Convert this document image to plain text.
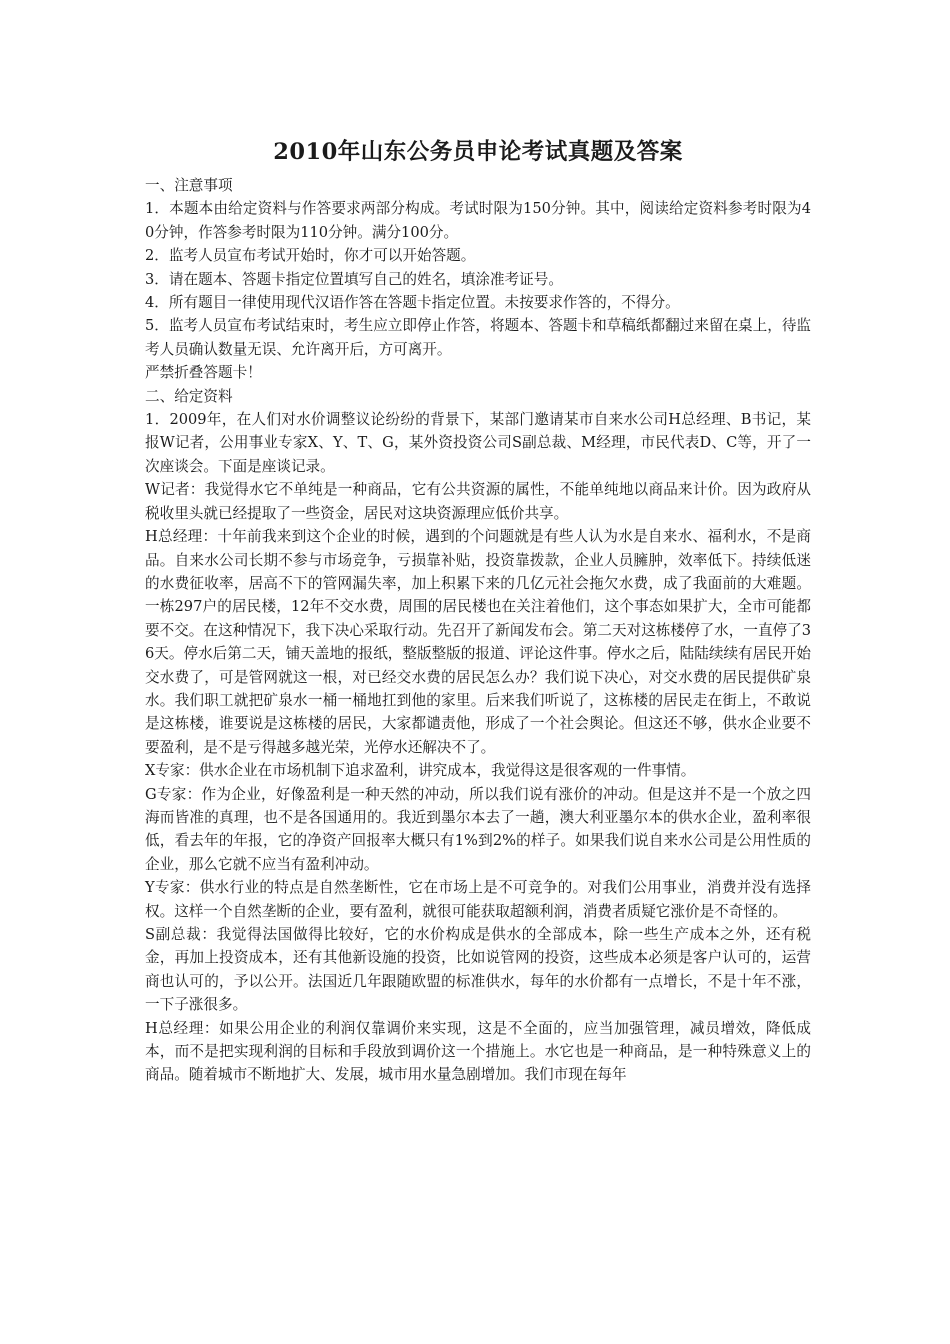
2010年山东公务员申论考试真题及答案

一、注意事项

1．本题本由给定资料与作答要求两部分构成。考试时限为150分钟。其中，阅读给定资料参考时限为40分钟，作答参考时限为110分钟。满分100分。

2．监考人员宣布考试开始时，你才可以开始答题。

3．请在题本、答题卡指定位置填写自己的姓名，填涂准考证号。

4．所有题目一律使用现代汉语作答在答题卡指定位置。未按要求作答的，不得分。

5．监考人员宣布考试结束时，考生应立即停止作答，将题本、答题卡和草稿纸都翻过来留在桌上，待监考人员确认数量无误、允许离开后，方可离开。

严禁折叠答题卡！

二、给定资料

1．2009年，在人们对水价调整议论纷纷的背景下，某部门邀请某市自来水公司H总经理、B书记，某报W记者，公用事业专家X、Y、T、G，某外资投资公司S副总裁、M经理，市民代表D、C等，开了一次座谈会。下面是座谈记录。

W记者：我觉得水它不单纯是一种商品，它有公共资源的属性，不能单纯地以商品来计价。因为政府从税收里头就已经提取了一些资金，居民对这块资源理应低价共享。

H总经理：十年前我来到这个企业的时候，遇到的个问题就是有些人认为水是自来水、福利水，不是商品。自来水公司长期不参与市场竞争，亏损靠补贴，投资靠拨款，企业人员臃肿，效率低下。持续低迷的水费征收率，居高不下的管网漏失率，加上积累下来的几亿元社会拖欠水费，成了我面前的大难题。一栋297户的居民楼，12年不交水费，周围的居民楼也在关注着他们，这个事态如果扩大，全市可能都要不交。在这种情况下，我下决心采取行动。先召开了新闻发布会。第二天对这栋楼停了水，一直停了36天。停水后第二天，铺天盖地的报纸，整版整版的报道、评论这件事。停水之后，陆陆续续有居民开始交水费了，可是管网就这一根，对已经交水费的居民怎么办？我们说下决心，对交水费的居民提供矿泉水。我们职工就把矿泉水一桶一桶地扛到他的家里。后来我们听说了，这栋楼的居民走在街上，不敢说是这栋楼，谁要说是这栋楼的居民，大家都谴责他，形成了一个社会舆论。但这还不够，供水企业要不要盈利，是不是亏得越多越光荣，光停水还解决不了。

X专家：供水企业在市场机制下追求盈利，讲究成本，我觉得这是很客观的一件事情。

G专家：作为企业，好像盈利是一种天然的冲动，所以我们说有涨价的冲动。但是这并不是一个放之四海而皆准的真理，也不是各国通用的。我近到墨尔本去了一趟，澳大利亚墨尔本的供水企业，盈利率很低，看去年的年报，它的净资产回报率大概只有1%到2%的样子。如果我们说自来水公司是公用性质的企业，那么它就不应当有盈利冲动。

Y专家：供水行业的特点是自然垄断性，它在市场上是不可竞争的。对我们公用事业，消费并没有选择权。这样一个自然垄断的企业，要有盈利，就很可能获取超额利润，消费者质疑它涨价是不奇怪的。

S副总裁：我觉得法国做得比较好，它的水价构成是供水的全部成本，除一些生产成本之外，还有税金，再加上投资成本，还有其他新设施的投资，比如说管网的投资，这些成本必须是客户认可的，运营商也认可的，予以公开。法国近几年跟随欧盟的标准供水，每年的水价都有一点增长，不是十年不涨，一下子涨很多。

H总经理：如果公用企业的利润仅靠调价来实现，这是不全面的，应当加强管理，减员增效，降低成本，而不是把实现利润的目标和手段放到调价这一个措施上。水它也是一种商品，是一种特殊意义上的商品。随着城市不断地扩大、发展，城市用水量急剧增加。我们市现在每年
